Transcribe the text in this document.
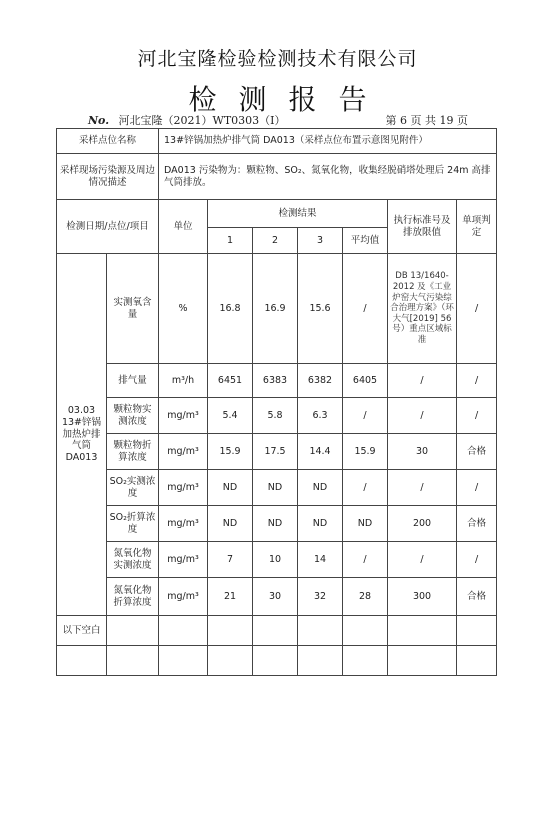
河北宝隆检验检测技术有限公司
检测报告
No. 河北宝隆（2021）WT0303（Ⅰ）	第 6 页 共 19 页
采样点位名称		13#锌锅加热炉排气筒 DA013（采样点位布置示意图见附件）						
采样现场污染源及周边情况描述		DA013 污染物为：颗粒物、SO₂、氮氧化物，收集经脱硝塔处理后 24m 高排气筒排放。						
检测日期/点位/项目		单位	检测结果				执行标准号及排放限值	单项判定
			1	2	3	平均值		
03.03 13#锌锅加热炉排气筒 DA013	实测氧含量	%	16.8	16.9	15.6	/	DB 13/1640-2012 及《工业炉窑大气污染综合治理方案》（环大气[2019] 56 号）重点区域标准	/
	排气量	m³/h	6451	6383	6382	6405	/	/
	颗粒物实测浓度	mg/m³	5.4	5.8	6.3	/	/	/
	颗粒物折算浓度	mg/m³	15.9	17.5	14.4	15.9	30	合格
	SO₂实测浓度	mg/m³	ND	ND	ND	/	/	/
	SO₂折算浓度	mg/m³	ND	ND	ND	ND	200	合格
	氮氧化物实测浓度	mg/m³	7	10	14	/	/	/
	氮氧化物折算浓度	mg/m³	21	30	32	28	300	合格
以下空白								
